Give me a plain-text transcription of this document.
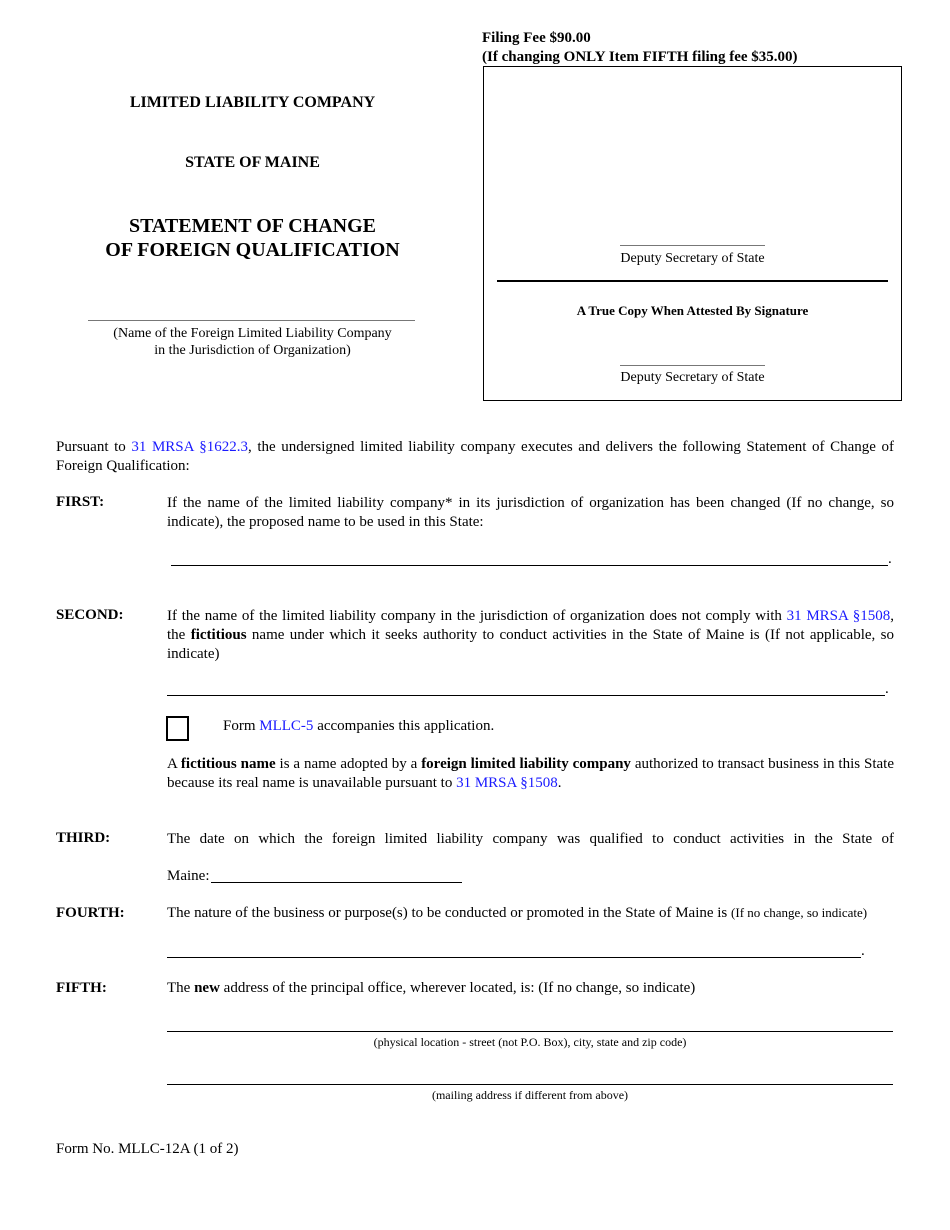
Filing Fee $90.00
(If changing ONLY Item FIFTH filing fee $35.00)
LIMITED LIABILITY COMPANY
STATE OF MAINE
STATEMENT OF CHANGE
OF FOREIGN QUALIFICATION
(Name of the Foreign Limited Liability Company
in the Jurisdiction of Organization)
Deputy Secretary of State
A True Copy When Attested By Signature
Deputy Secretary of State
Pursuant to 31 MRSA §1622.3, the undersigned limited liability company executes and delivers the following Statement of Change of Foreign Qualification:
FIRST:	If the name of the limited liability company* in its jurisdiction of organization has been changed (If no change, so indicate), the proposed name to be used in this State:
.
SECOND:	If the name of the limited liability company in the jurisdiction of organization does not comply with 31 MRSA §1508, the fictitious name under which it seeks authority to conduct activities in the State of Maine is (If not applicable, so indicate)
.
Form MLLC-5 accompanies this application.
A fictitious name is a name adopted by a foreign limited liability company authorized to transact business in this State because its real name is unavailable pursuant to 31 MRSA §1508.
THIRD:	The date on which the foreign limited liability company was qualified to conduct activities in the State of
Maine:
FOURTH:	The nature of the business or purpose(s) to be conducted or promoted in the State of Maine is (If no change, so indicate)
.
FIFTH:	The new address of the principal office, wherever located, is: (If no change, so indicate)
(physical location - street (not P.O. Box), city, state and zip code)
(mailing address if different from above)
Form No. MLLC-12A (1 of 2)
